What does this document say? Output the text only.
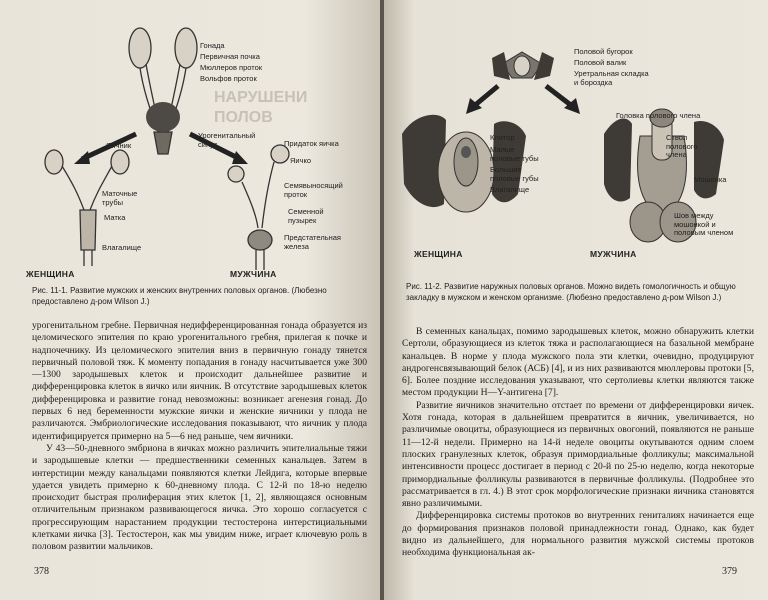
НАРУШЕНИ
ПОЛОВ
Гонада
Первичная почка
Мюллеров проток
Вольфов проток
Урогенитальный синус
Яичник
Маточные трубы
Матка
Влагалище
Придаток яичка
Яичко
Семявыносящий проток
Семенной пузырек
Предстательная железа
ЖЕНЩИНА	МУЖЧИНА
Рис. 11-1. Развитие мужских и женских внутренних половых органов. (Любезно предоставлено д-ром Wilson J.)

урогенитальном гребне. Первичная недифференцированная гонада образуется из целомического эпителия по краю урогенитального гребня, прилегая к почке и надпочечнику. Из целомического эпителия вниз в первичную гонаду тянется первичный половой тяж. К моменту попадания в гонаду насчитывается уже 300—1300 зародышевых клеток и происходит дальнейшее развитие и дифференцировка клеток в яичко или яичник. В отсутствие зародышевых клеток дифференцировка и развитие гонад невозможны: возникает агенезия гонад. До первых 6 нед беременности мужские яички и женские яичники у плода не различаются. Эмбриологические исследования показывают, что яичник у плода идентифицируется примерно на 5—6 нед раньше, чем яичники.

У 43—50-дневного эмбриона в яичках можно различить эпителиальные тяжи и зародышевые клетки — предшественники семенных канальцев. Затем в интерстиции между канальцами появляются клетки Лейдига, которые впервые удается увидеть примерно к 60-дневному плода. С 12-й по 18-ю неделю происходит быстрая пролиферация этих клеток [1, 2], являющаяся основным отличительным признаком развивающегося яичка. Это хорошо согласуется с прогрессирующим нарастанием продукции тестостерона интерстициальными клетками яичка [3]. Тестостерон, как мы увидим ниже, играет ключевую роль в половом развитии мальчиков.

378
Половой бугорок
Половой валик
Уретральная складка и бороздка
Головка полового члена
Клитор
Малые половые губы
Большие половые губы
Влагалище
Ствол полового члена
Мошонка
Шов между мошонкой и половым членом
ЖЕНЩИНА	МУЖЧИНА
Рис. 11-2. Развитие наружных половых органов. Можно видеть гомологичность и общую закладку в мужском и женском организме. (Любезно предоставлено д-ром Wilson J.)

В семенных канальцах, помимо зародышевых клеток, можно обнаружить клетки Сертоли, образующиеся из клеток тяжа и располагающиеся на базальной мембране канальцев. В норме у плода мужского пола эти клетки, очевидно, продуцируют андрогенсвязывающий белок (АСБ) [4], и из них развиваются мюллеровы протоки [5, 6]. Более поздние исследования указывают, что сертолиевы клетки являются также местом продукции Н—Y-антигена [7].

Развитие яичников значительно отстает по времени от дифференцировки яичек. Хотя гонада, которая в дальнейшем превратится в яичник, увеличивается, но различимые овоциты, образующиеся из первичных овогоний, появляются не раньше 11—12-й недели. Примерно на 14-й неделе овоциты окутываются одним слоем плоских гранулезных клеток, образуя примордиальные фолликулы; максимальной интенсивности процесс достигает в период с 20-й по 25-ю неделю, когда некоторые примордиальные фолликулы развиваются в первичные фолликулы. (Подробнее это рассматривается в гл. 4.) В этот срок морфологические признаки яичника становятся явно различимыми.

Дифференцировка системы протоков во внутренних гениталиях начинается еще до формирования признаков половой принадлежности гонад. Однако, как будет видно из дальнейшего, для нормального развития мужской системы протоков необходима функциональная ак-

379
